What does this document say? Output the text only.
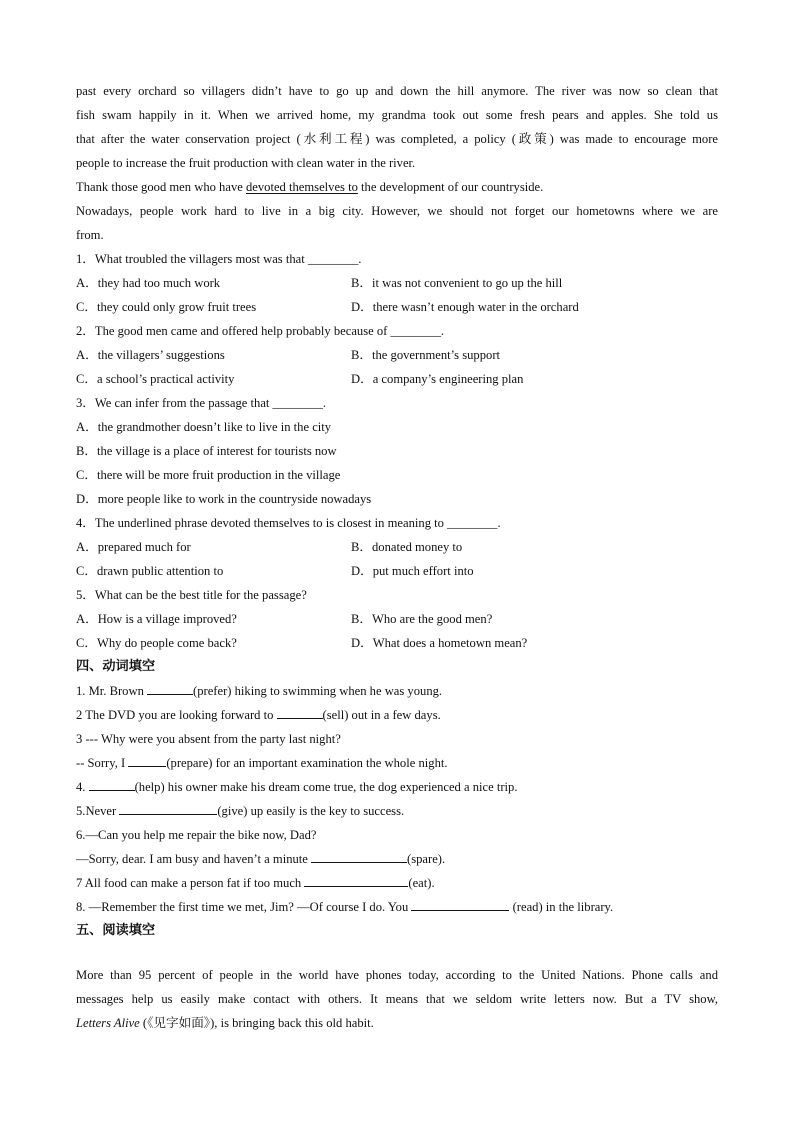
past every orchard so villagers didn’t have to go up and down the hill anymore. The river was now so clean that
fish swam happily in it. When we arrived home, my grandma took out some fresh pears and apples. She told us
that after the water conservation project (水利工程) was completed, a policy (政策) was made to encourage more
people to increase the fruit production with clean water in the river.
Thank those good men who have devoted themselves to the development of our countryside.
Nowadays, people work hard to live in a big city. However, we should not forget our hometowns where we are
from.
1．What troubled the villagers most was that ________.
A．they had too much work	B．it was not convenient to go up the hill
C．they could only grow fruit trees	D．there wasn’t enough water in the orchard
2．The good men came and offered help probably because of ________.
A．the villagers’ suggestions	B．the government’s support
C．a school’s practical activity	D．a company’s engineering plan
3．We can infer from the passage that ________.
A．the grandmother doesn’t like to live in the city
B．the village is a place of interest for tourists now
C．there will be more fruit production in the village
D．more people like to work in the countryside nowadays
4．The underlined phrase devoted themselves to is closest in meaning to ________.
A．prepared much for	B．donated money to
C．drawn public attention to	D．put much effort into
5．What can be the best title for the passage?
A．How is a village improved?	B．Who are the good men?
C．Why do people come back?	D．What does a hometown mean?
四、动词填空
1. Mr. Brown	(prefer) hiking to swimming when he was young.
2 The DVD you are looking forward to	(sell) out in a few days.
3 --- Why were you absent from the party last night?
-- Sorry, I	(prepare) for an important examination the whole night.
4.	(help) his owner make his dream come true, the dog experienced a nice trip.
5.Never	(give) up easily is the key to success.
6.—Can you help me repair the bike now, Dad?
—Sorry, dear. I am busy and haven’t a minute	(spare).
7 All food can make a person fat if too much	(eat).
8. —Remember the first time we met, Jim? —Of course I do. You	(read) in the library.
五、阅读填空
More than 95 percent of people in the world have phones today, according to the United Nations. Phone calls and
messages help us easily make contact with others. It means that we seldom write letters now. But a TV show,
Letters Alive (《见字如面》), is bringing back this old habit.
